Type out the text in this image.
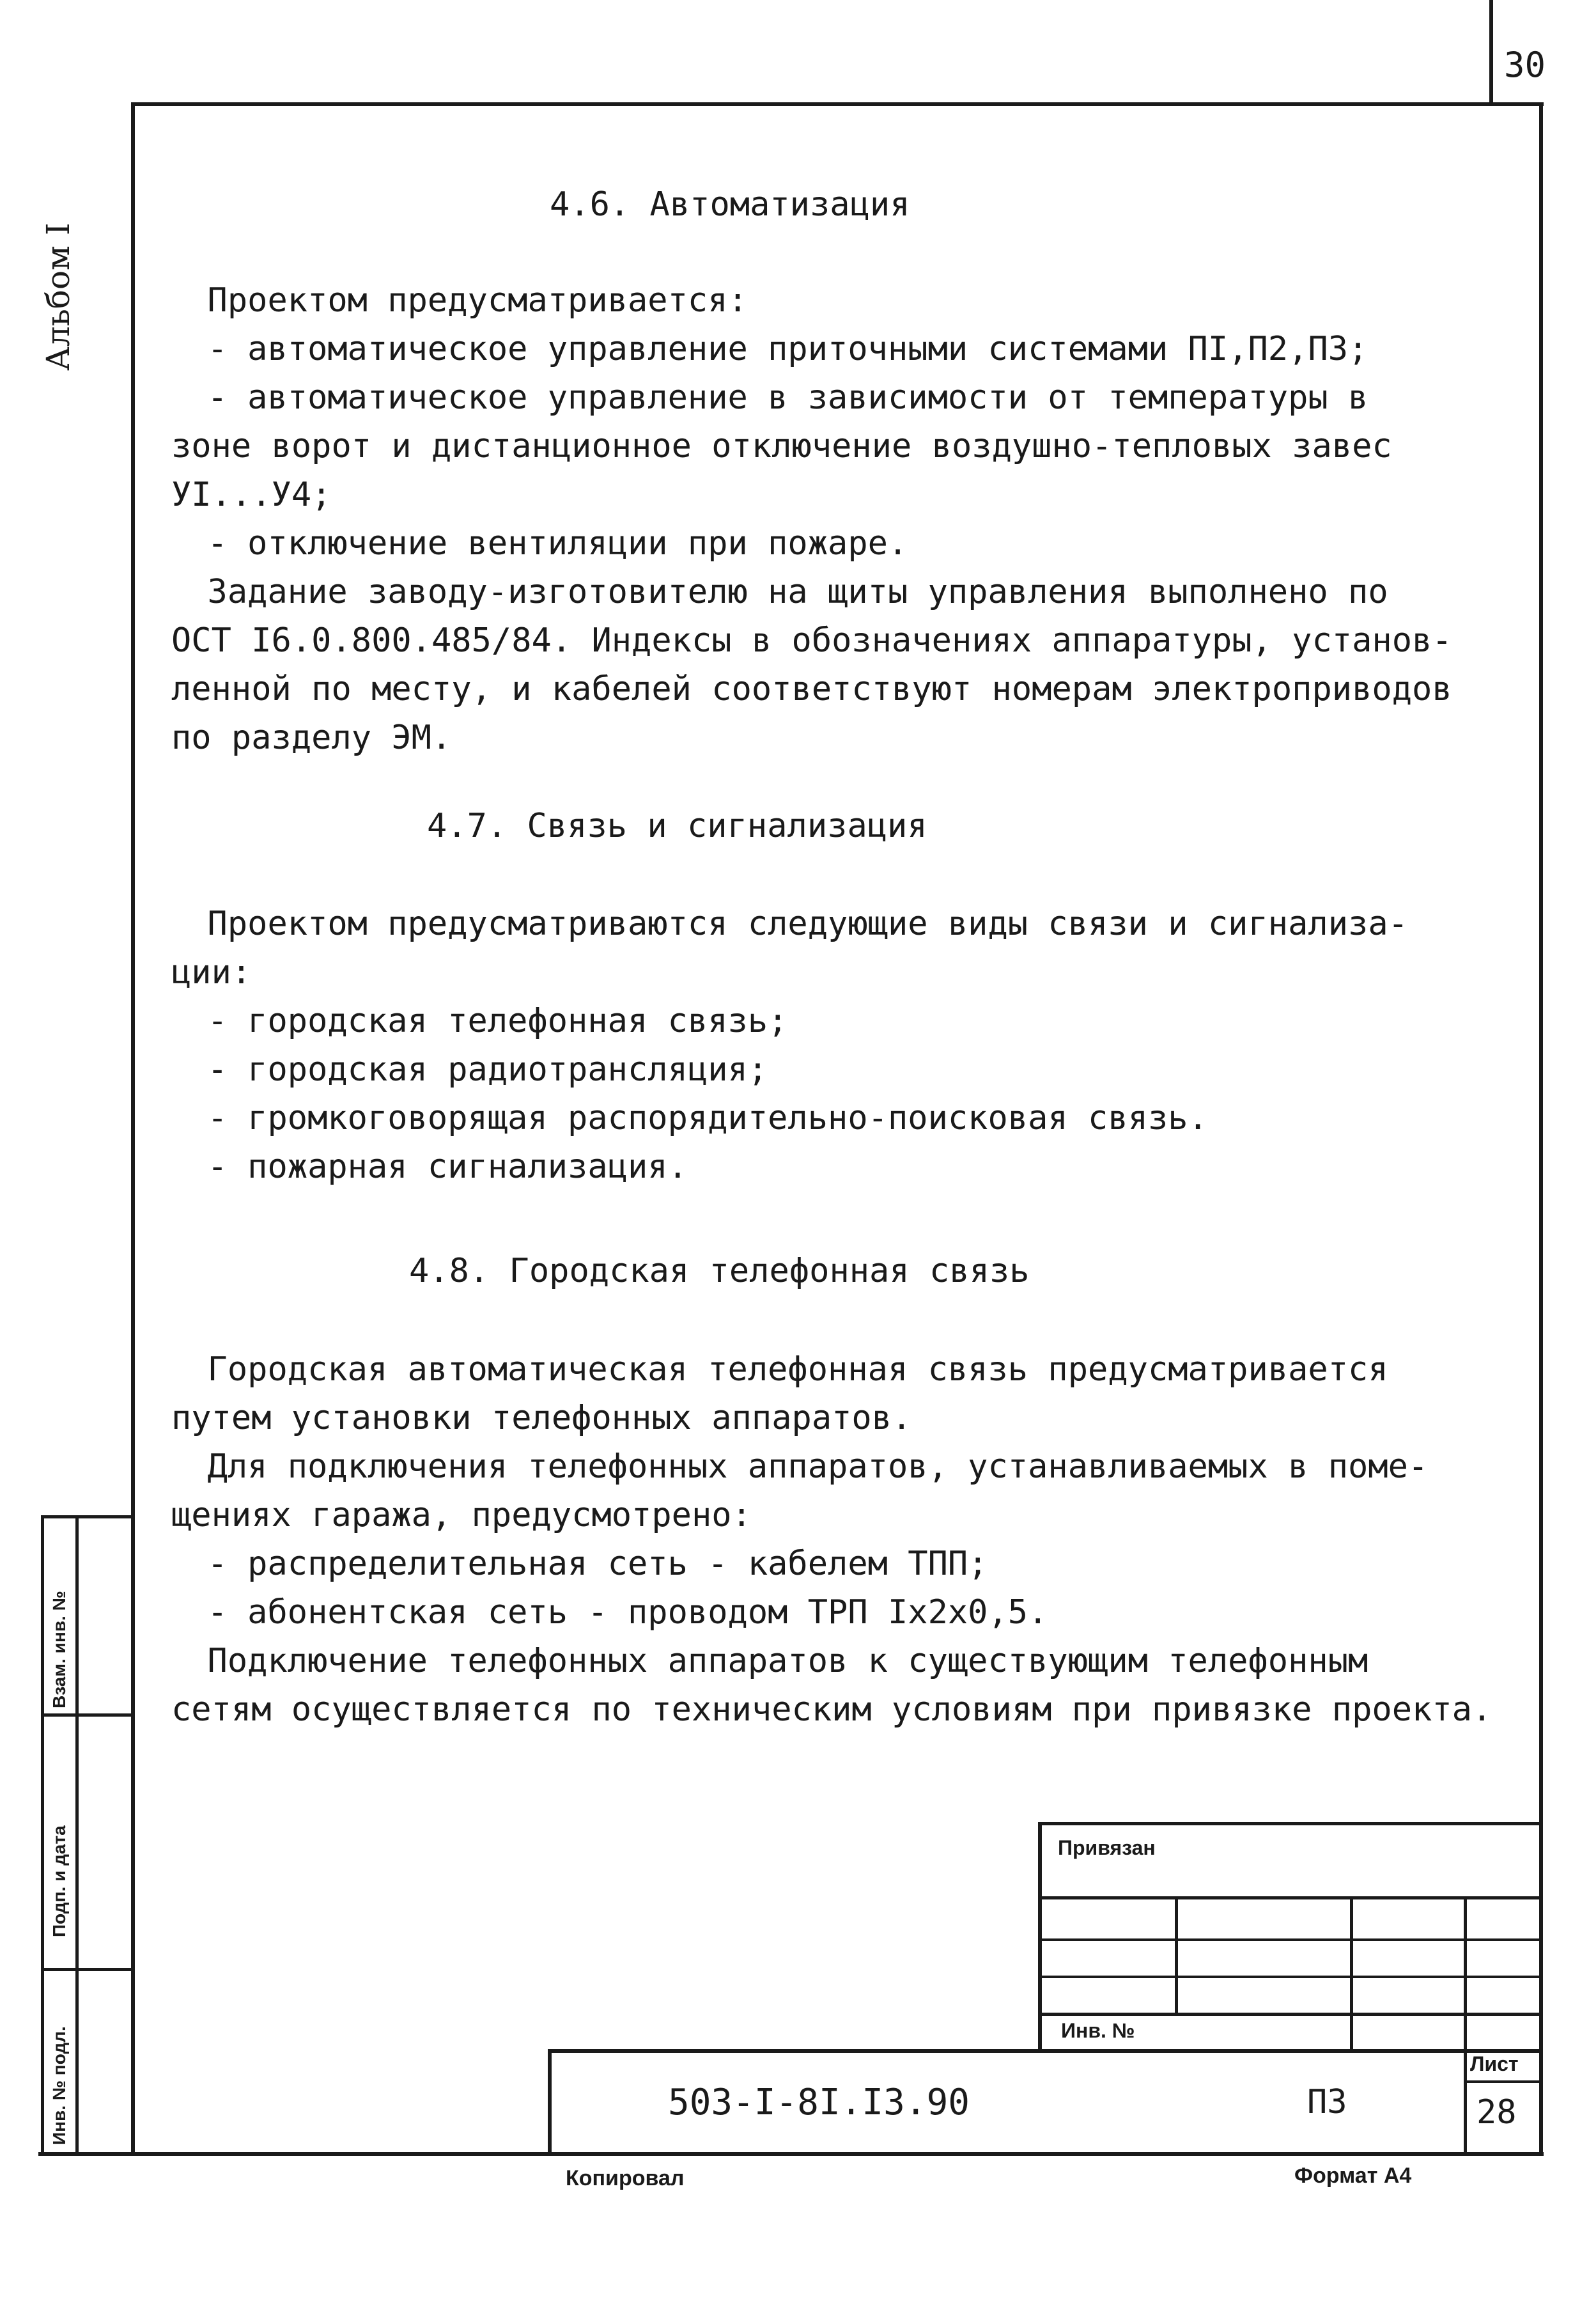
30
Альбом I
Взам. инв. №
Подп. и дата
Инв. № подл.
4.6. Автоматизация

Проектом предусматривается:

- автоматическое управление приточными системами ПI,П2,П3;

- автоматическое управление в зависимости от температуры в

зоне ворот и дистанционное отключение воздушно-тепловых завес

УI...У4;

- отключение вентиляции при пожаре.

Задание заводу-изготовителю на щиты управления выполнено по

ОСТ I6.0.800.485/84. Индексы в обозначениях аппаратуры, установ-

ленной по месту, и кабелей соответствуют номерам электроприводов

по разделу ЭМ.

4.7. Связь и сигнализация

Проектом предусматриваются следующие виды связи и сигнализа-

ции:

- городская телефонная связь;

- городская радиотрансляция;

- громкоговорящая распорядительно-поисковая связь.

- пожарная сигнализация.

4.8. Городская телефонная связь

Городская автоматическая телефонная связь предусматривается

путем установки телефонных аппаратов.

Для подключения телефонных аппаратов, устанавливаемых в поме-

щениях гаража, предусмотрено:

- распределительная сеть - кабелем ТПП;

- абонентская сеть - проводом ТРП Iх2х0,5.

Подключение телефонных аппаратов к существующим телефонным

сетям осуществляется по техническим условиям при привязке проекта.

Привязан
Инв. №
503-I-8I.I3.90	ПЗ
Лист
28
Копировал	Формат А4
